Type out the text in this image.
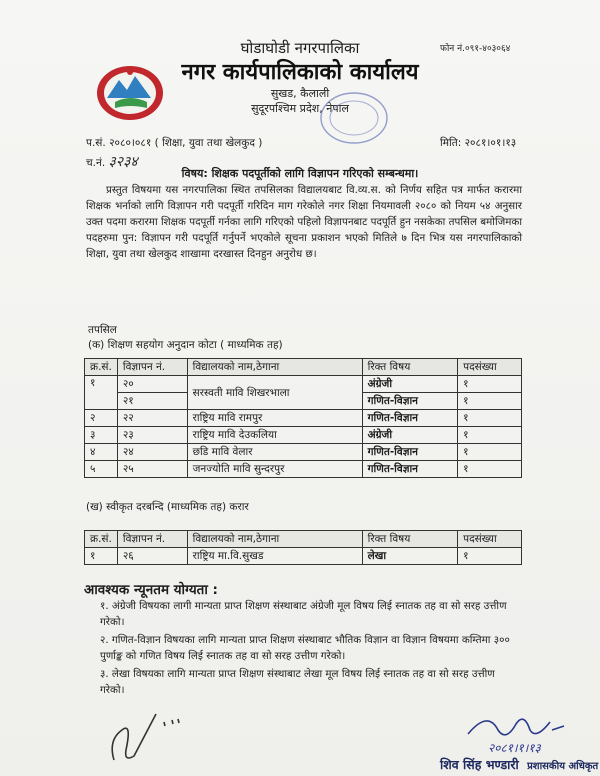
घोडाघोडी नगरपालिका	फोन नं.०९१-४०३०६४
नगर कार्यपालिकाको कार्यालय
सुखड, कैलाली
सुदूरपश्चिम प्रदेश, नेपाल
प.सं. २०८०।०८१ ( शिक्षा, युवा तथा खेलकुद )
च.नं. ३२३४
मिति: २०८१।०१।१३
विषय: शिक्षक पदपूर्तीको लागि विज्ञापन गरिएको सम्बन्धमा।
प्रस्तुत विषयमा यस नगरपालिका स्थित तपसिलका विद्यालयबाट वि.व्य.स. को निर्णय सहित पत्र मार्फत करारमा शिक्षक भर्नाको लागि विज्ञापन गरी पदपूर्ती गरिदिन माग गरेकोले नगर शिक्षा नियमावली २०८० को नियम ५४ अनुसार उक्त पदमा करारमा शिक्षक पदपूर्ती गर्नका लागि गरिएको पहिलो विज्ञापनबाट पदपूर्ति हुन नसकेका तपसिल बमोजिमका पदहरुमा पुन: विज्ञापन गरी पदपूर्ति गर्नुपर्ने भएकोले सूचना प्रकाशन भएको मितिले ७ दिन भित्र यस नगरपालिकाको शिक्षा, युवा तथा खेलकुद शाखामा दरखास्त दिनहुन अनुरोध छ।
तपसिल
(क) शिक्षण सहयोग अनुदान कोटा ( माध्यमिक तह)
क्र.सं.	विज्ञापन नं.	विद्यालयको नाम,ठेगाना	रिक्त विषय	पदसंख्या
१	२०	सरस्वती मावि शिखरभाला	अंग्रेजी	१
	२१		गणित-विज्ञान	१
२	२२	राष्ट्रिय मावि रामपुर	गणित-विज्ञान	१
३	२३	राष्ट्रिय मावि देउकलिया	अंग्रेजी	१
४	२४	छडि मावि वेलार	गणित-विज्ञान	१
५	२५	जनज्योति मावि सुन्दरपुर	गणित-विज्ञान	१
(ख) स्वीकृत दरबन्दि (माध्यमिक तह) करार
क्र.सं.	विज्ञापन नं.	विद्यालयको नाम,ठेगाना	रिक्त विषय	पदसंख्या
१	२६	राष्ट्रिय मा.वि.सुखड	लेखा	१
आवश्यक न्यूनतम योग्यता :
१. अंग्रेजी विषयका लागी मान्यता प्राप्त शिक्षण संस्थाबाट अंग्रेजी मूल विषय लिई स्नातक तह वा सो सरह उत्तीण गरेको।
२. गणित-विज्ञान विषयका लागि मान्यता प्राप्त शिक्षण संस्थाबाट भौतिक विज्ञान वा विज्ञान विषयमा कम्तिमा ३०० पुर्णाङ्क को गणित विषय लिई स्नातक तह वा सो सरह उत्तीण गरेको।
३. लेखा विषयका लागि मान्यता प्राप्त शिक्षण संस्थाबाट लेखा मूल विषय लिई स्नातक तह वा सो सरह उत्तीण गरेको।
२०८१।१।१३
शिव सिंह भण्डारी प्रशासकीय अधिकृत
